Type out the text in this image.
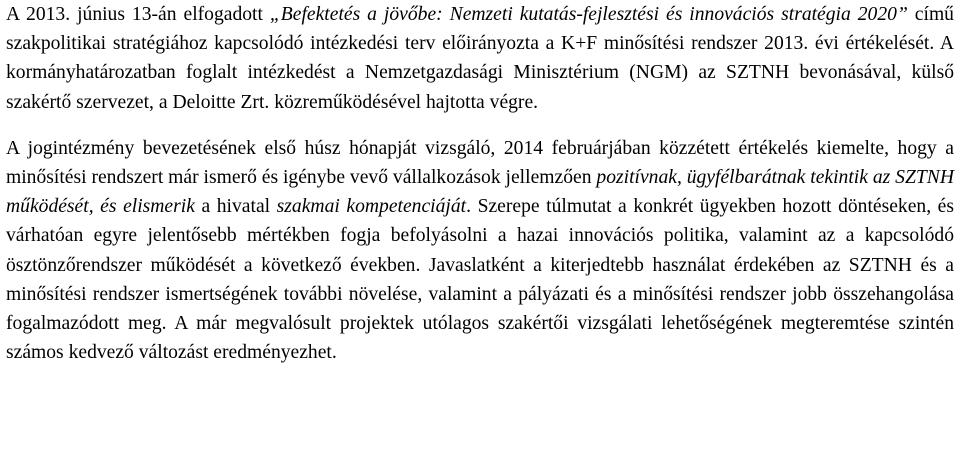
A 2013. június 13-án elfogadott „Befektetés a jövőbe: Nemzeti kutatás-fejlesztési és innovációs stratégia 2020” című szakpolitikai stratégiához kapcsolódó intézkedési terv előirányozta a K+F minősítési rendszer 2013. évi értékelését. A kormányhatározatban foglalt intézkedést a Nemzetgazdasági Minisztérium (NGM) az SZTNH bevonásával, külső szakértő szervezet, a Deloitte Zrt. közreműködésével hajtotta végre.

A jogintézmény bevezetésének első húsz hónapját vizsgáló, 2014 februárjában közzétett értékelés kiemelte, hogy a minősítési rendszert már ismerő és igénybe vevő vállalkozások jellemzően pozitívnak, ügyfélbarátnak tekintik az SZTNH működését, és elismerik a hivatal szakmai kompetenciáját. Szerepe túlmutat a konkrét ügyekben hozott döntéseken, és várhatóan egyre jelentősebb mértékben fogja befolyásolni a hazai innovációs politika, valamint az a kapcsolódó ösztönzőrendszer működését a következő években. Javaslatként a kiterjedtebb használat érdekében az SZTNH és a minősítési rendszer ismertségének további növelése, valamint a pályázati és a minősítési rendszer jobb összehangolása fogalmazódott meg. A már megvalósult projektek utólagos szakértői vizsgálati lehetőségének megteremtése szintén számos kedvező változást eredményezhet.
